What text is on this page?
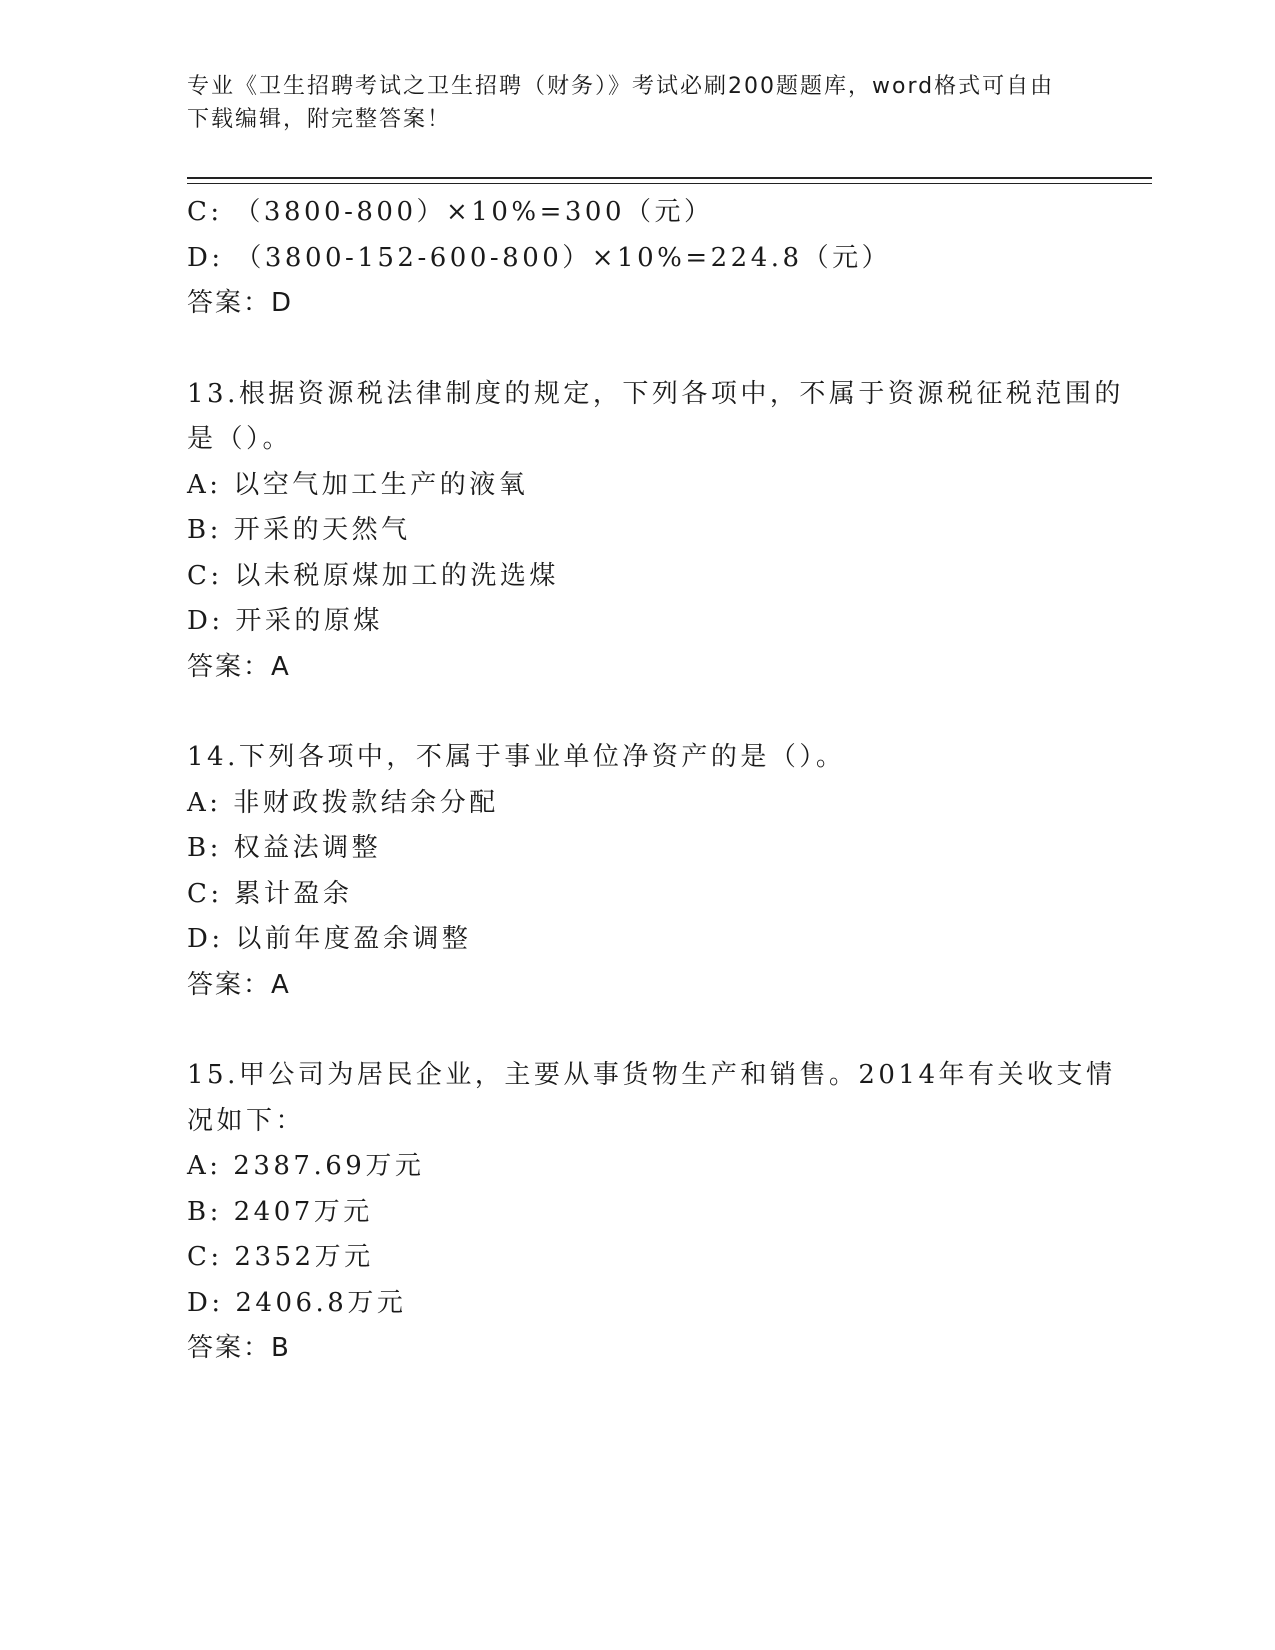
专业《卫生招聘考试之卫生招聘（财务）》考试必刷200题题库，word格式可自由下载编辑，附完整答案！
C: （3800-800）×10%=300（元）
D: （3800-152-600-800）×10%=224.8（元）
答案：D
13.根据资源税法律制度的规定，下列各项中，不属于资源税征税范围的是（）。
A: 以空气加工生产的液氧
B: 开采的天然气
C: 以未税原煤加工的洗选煤
D: 开采的原煤
答案：A
14.下列各项中，不属于事业单位净资产的是（）。
A: 非财政拨款结余分配
B: 权益法调整
C: 累计盈余
D: 以前年度盈余调整
答案：A
15.甲公司为居民企业，主要从事货物生产和销售。2014年有关收支情况如下：
A: 2387.69万元
B: 2407万元
C: 2352万元
D: 2406.8万元
答案：B
